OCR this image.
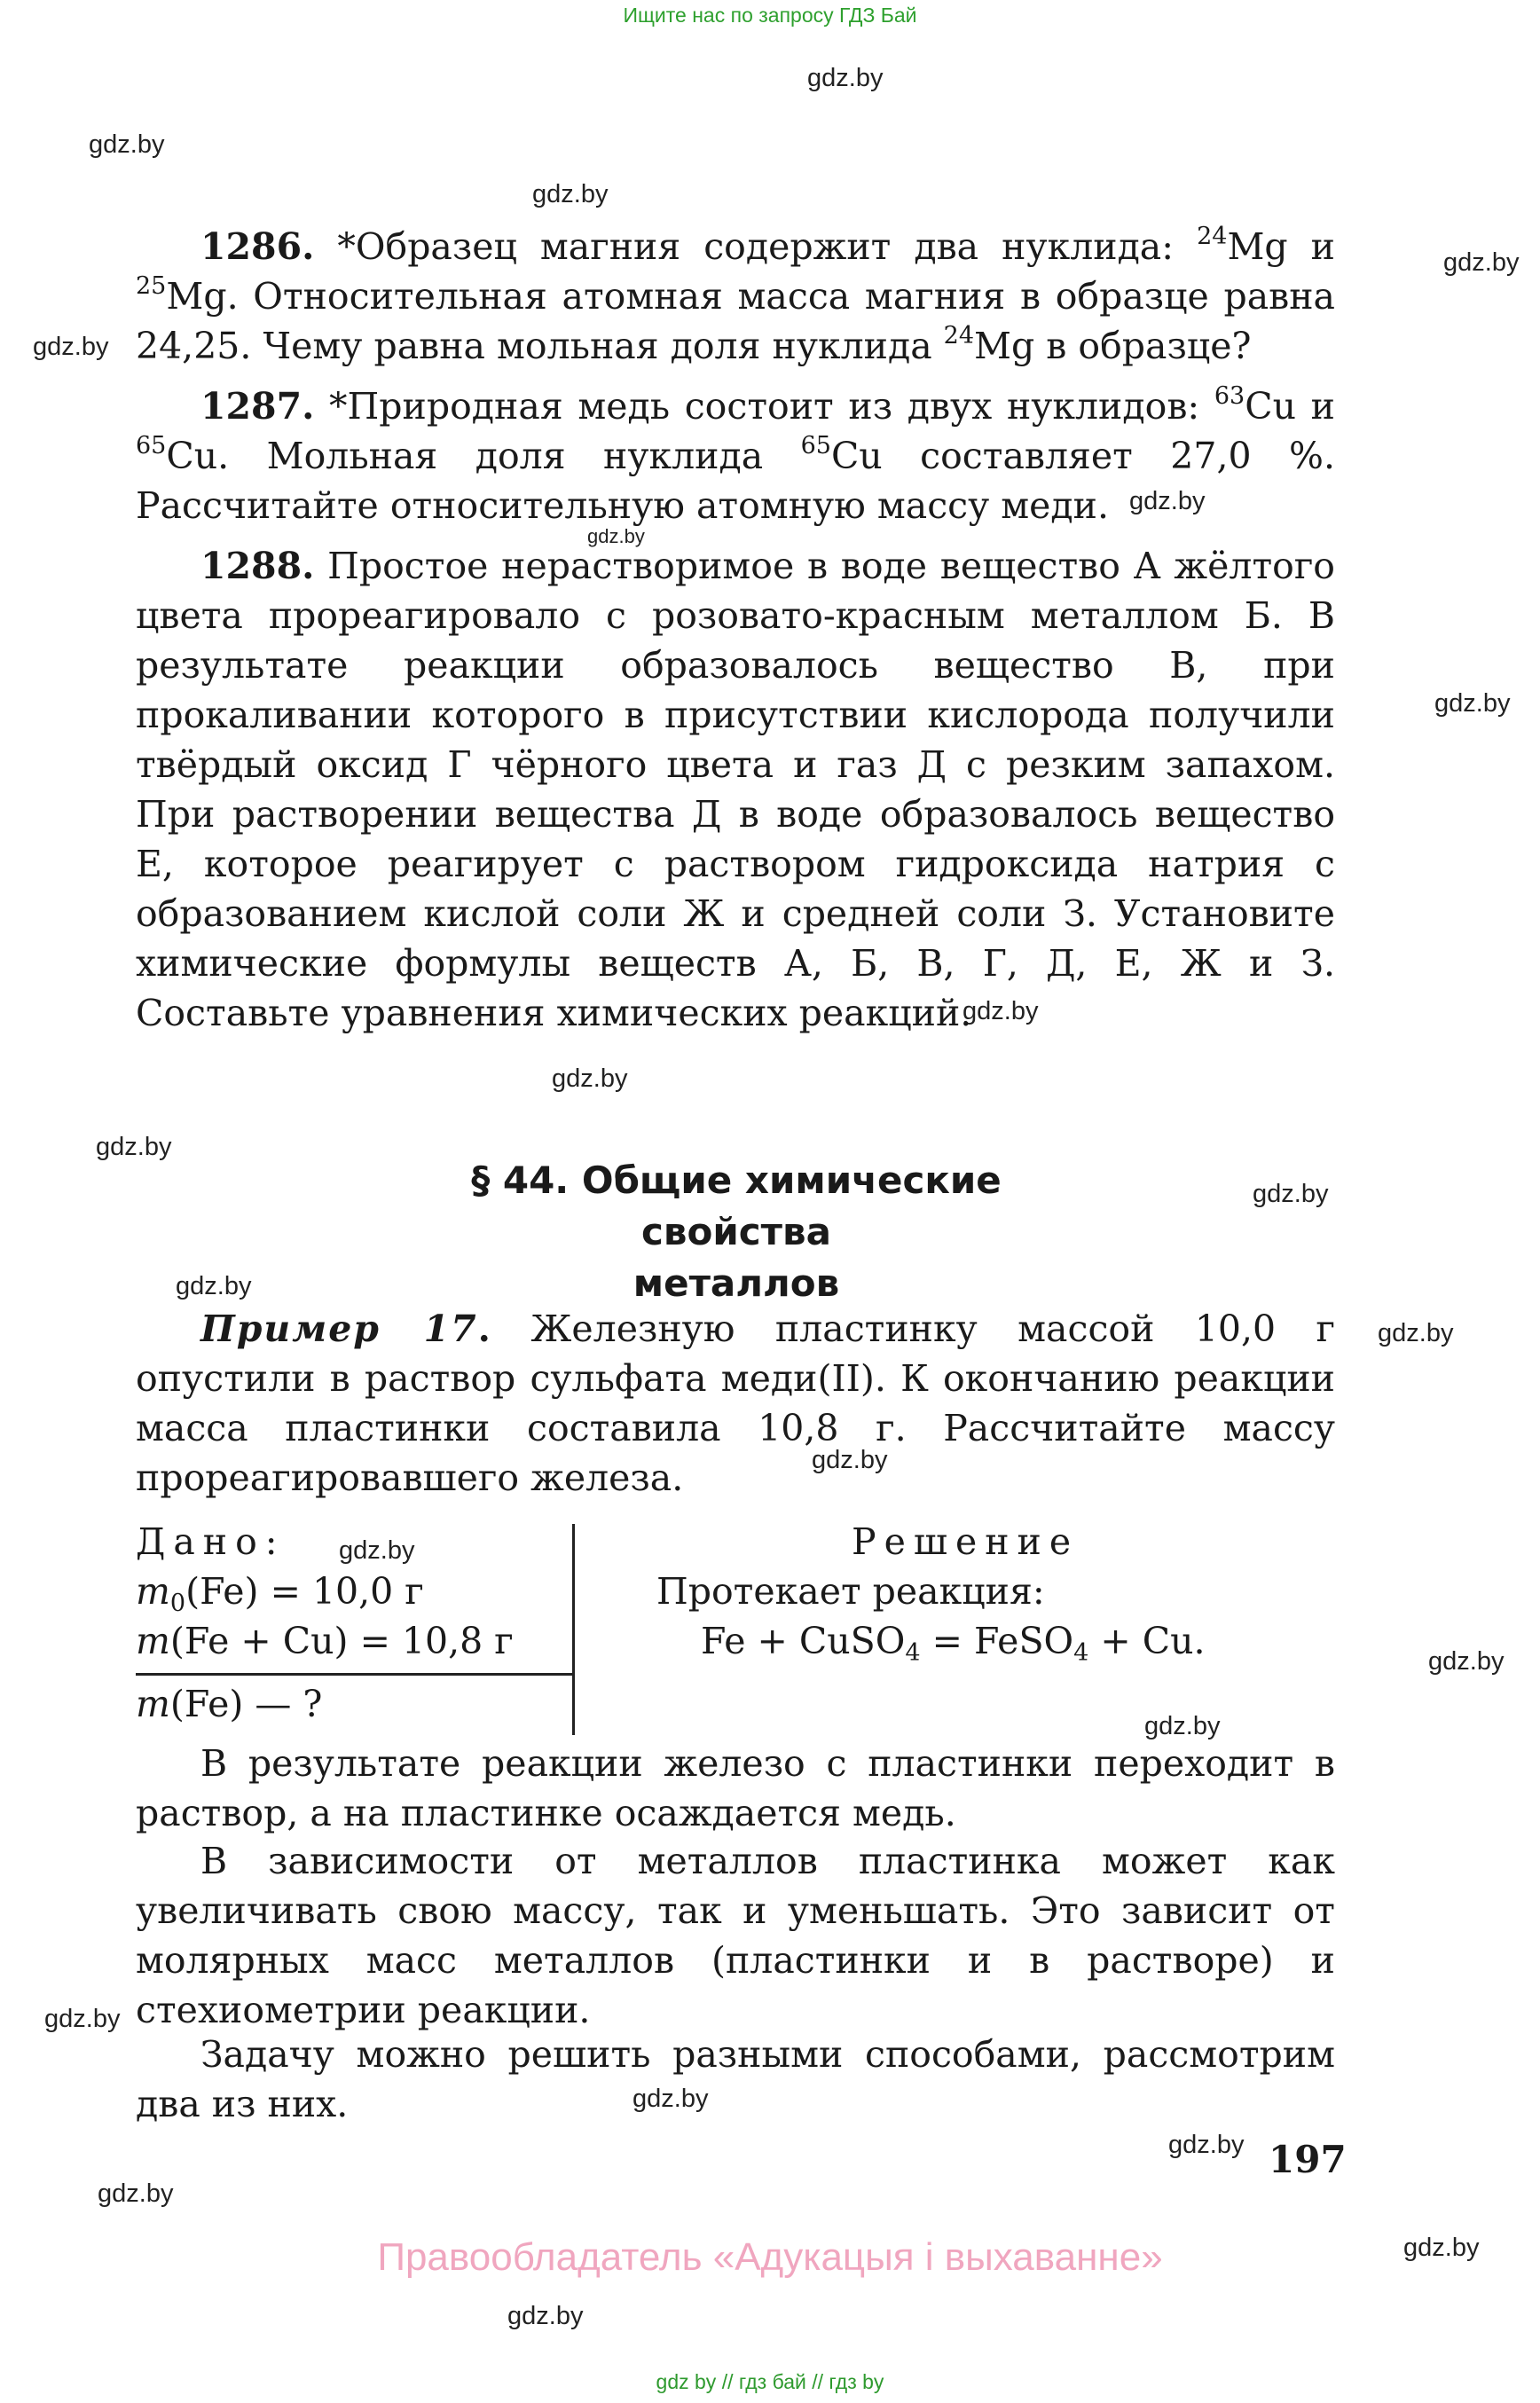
Ищите нас по запросу ГДЗ Бай
gdz.by
gdz.by
gdz.by
gdz.by
gdz.by
gdz.by
gdz.by
gdz.by
gdz.by
gdz.by
gdz.by
gdz.by
gdz.by
gdz.by
gdz.by
gdz.by
gdz.by
gdz.by
gdz.by
gdz.by
gdz.by
gdz.by
gdz.by
gdz.by

1286. *Образец магния содержит два нуклида: $^{24}$Mg и $^{25}$Mg. Относительная атомная масса магния в образце равна 24,25. Чему равна мольная доля нуклида $^{24}$Mg в образце?

1287. *Природная медь состоит из двух нуклидов: $^{63}$Cu и $^{65}$Cu. Мольная доля нуклида $^{65}$Cu составляет 27,0 %. Рассчитайте относительную атомную массу меди.

1288. Простое нерастворимое в воде вещество А жёлтого цвета прореагировало с розовато-красным металлом Б. В результате реакции образовалось вещество В, при прокаливании которого в присутствии кислорода получили твёрдый оксид Г чёрного цвета и газ Д с резким запахом. При растворении вещества Д в воде образовалось вещество Е, которое реагирует с раствором гидроксида натрия с образованием кислой соли Ж и средней соли З. Установите химические формулы веществ А, Б, В, Г, Д, Е, Ж и З. Составьте уравнения химических реакций.

§ 44. Общие химические свойства
металлов

Пример 17. Железную пластинку массой 10,0 г опустили в раствор сульфата меди(II). К окончанию реакции масса пластинки составила 10,8 г. Рассчитайте массу прореагировавшего железа.

Дано:
$m_0(Fe) = 10,0$ г
m(Fe + Cu) = 10,8 г
m(Fe) — ?
Решение
Протекает реакция:
Fe + CuSO$_4$ = FeSO$_4$ + Cu.

В результате реакции железо с пластинки переходит в раствор, а на пластинке осаждается медь.

В зависимости от металлов пластинка может как увеличивать свою массу, так и уменьшать. Это зависит от молярных масс металлов (пластинки и в растворе) и стехиометрии реакции.

Задачу можно решить разными способами, рассмотрим два из них.

197
Правообладатель «Адукацыя і выхаванне»
gdz by // гдз бай // гдз by
